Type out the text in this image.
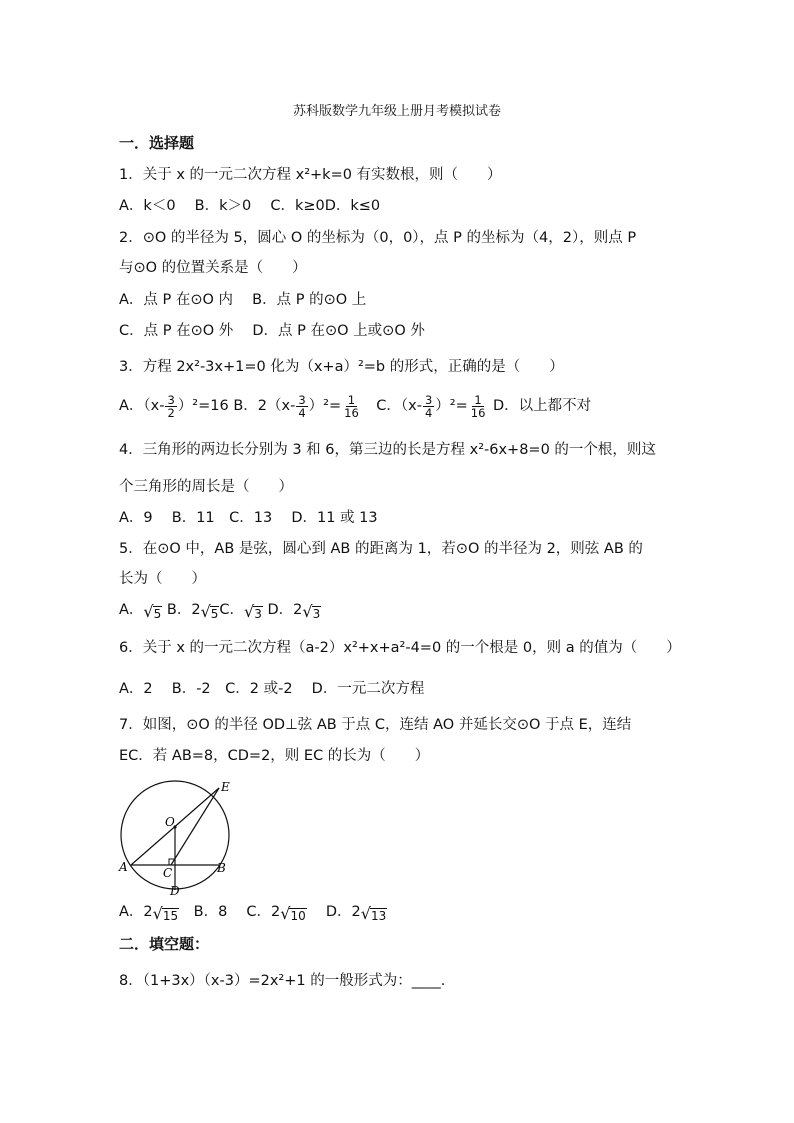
苏科版数学九年级上册月考模拟试卷
一．选择题
1．关于 x 的一元二次方程 x²+k=0 有实数根，则（　　）
A．k＜0　 B．k＞0　 C．k≥0D．k≤0
2．⊙O 的半径为 5，圆心 O 的坐标为（0，0），点 P 的坐标为（4，2），则点 P
与⊙O 的位置关系是（　　）
A．点 P 在⊙O 内　 B．点 P 的⊙O 上
C．点 P 在⊙O 外　 D．点 P 在⊙O 上或⊙O 外
3．方程 2x²-3x+1=0 化为（x+a）²=b 的形式，正确的是（　　）
A．$(x- \frac{3}{2} )^2=16$ B．$2(x- \frac{3}{4} )^2= \frac{1}{16}$ 　C．$(x- \frac{3}{4} )^2= \frac{1}{16}$ D．以上都不对
4．三角形的两边长分别为 3 和 6，第三边的长是方程 x²-6x+8=0 的一个根，则这
个三角形的周长是（　　）
A．9　 B．11　C．13　 D．11 或 13
5．在⊙O 中，AB 是弦，圆心到 AB 的距离为 1，若⊙O 的半径为 2，则弦 AB 的
长为（　　）
A． √ 5 B．2 √ 5 C． √ 3 D．2 √ 3
6．关于 x 的一元二次方程（a-2）x²+x+a²-4=0 的一个根是 0，则 a 的值为（　　）
A．2　 B．-2　C．2 或-2　 D．一元二次方程
7．如图，⊙O 的半径 OD⊥弦 AB 于点 C，连结 AO 并延长交⊙O 于点 E，连结
EC．若 AB=8，CD=2，则 EC 的长为（　　）
E
O
A	B
C
D
A．2 √ 15 　B．8　 C．2 √ 10 　 D．2 √ 13
二．填空题：
8．（1+3x）（x-3）=2x²+1 的一般形式为：____.
